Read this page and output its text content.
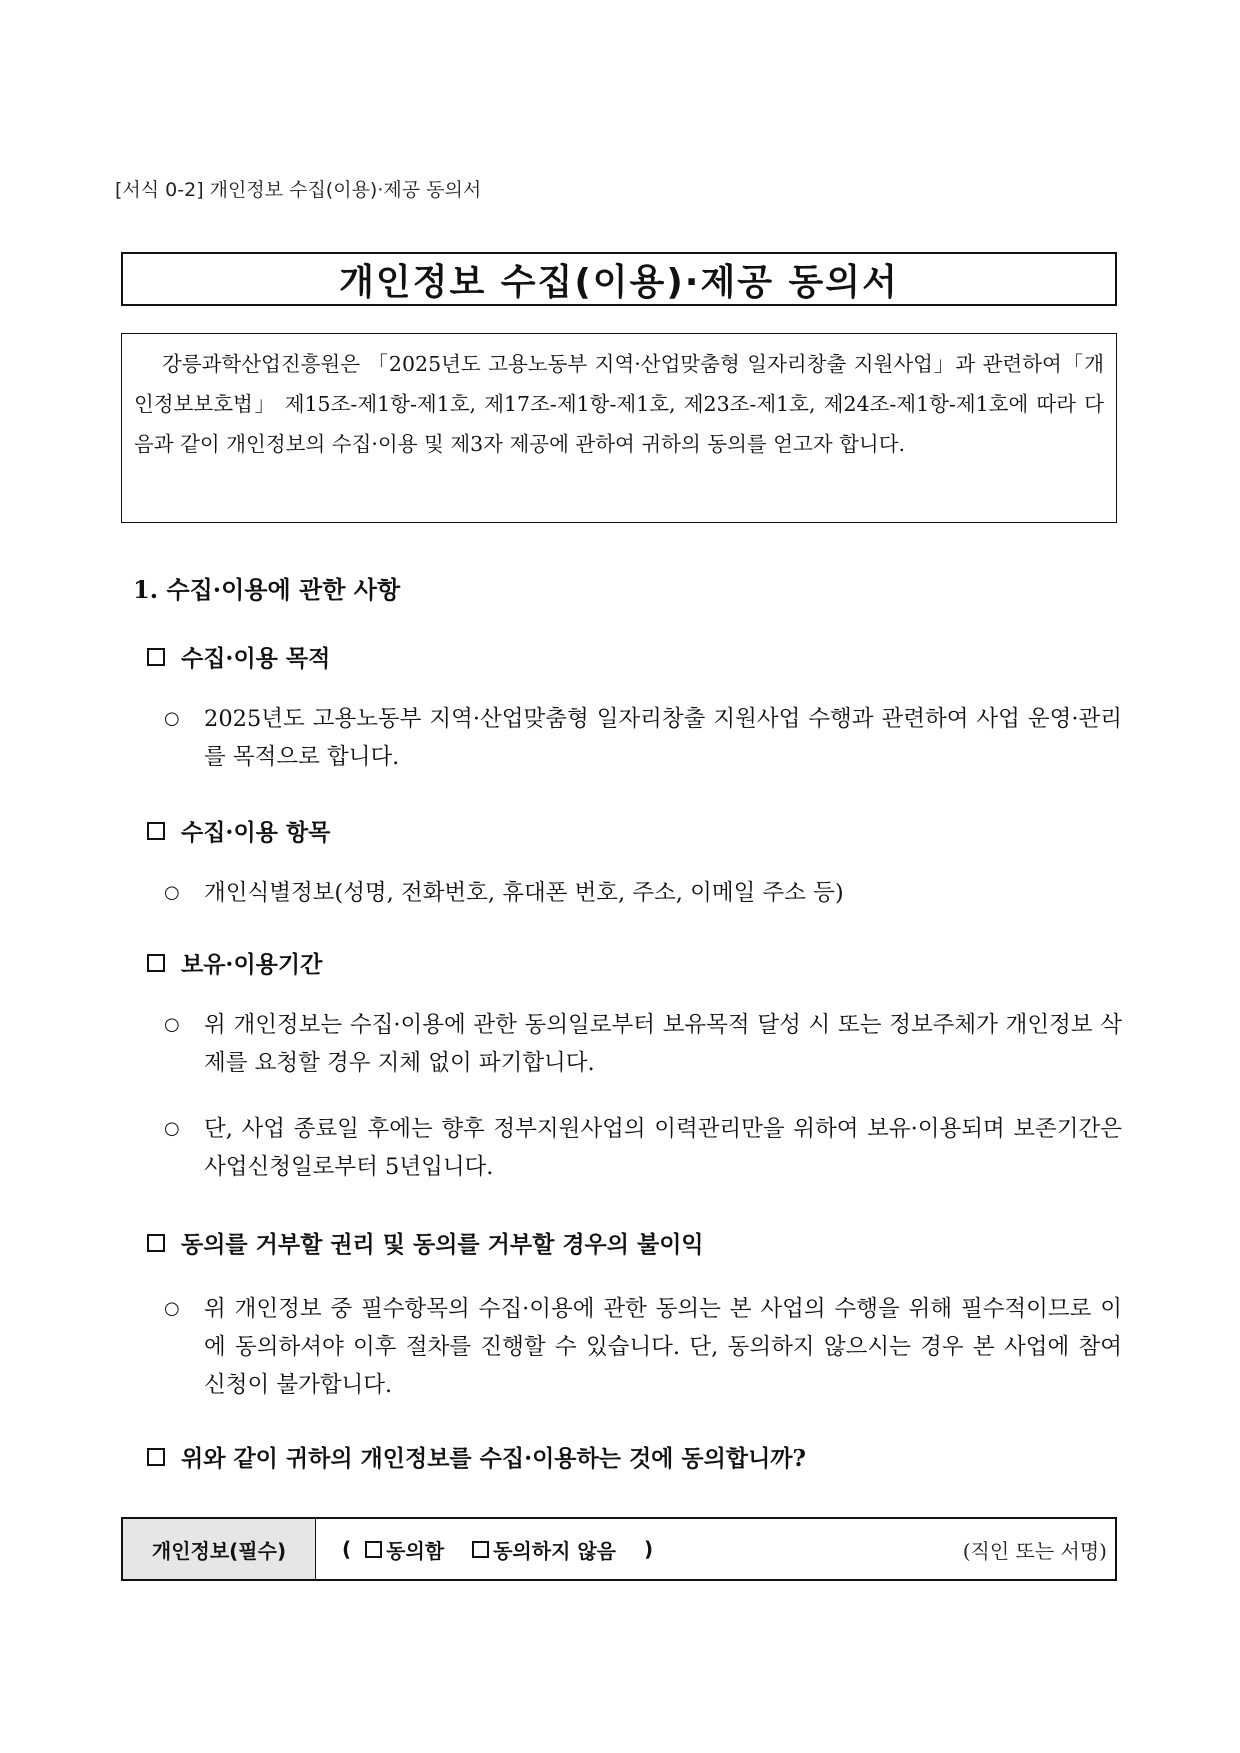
[서식 0-2] 개인정보 수집(이용)·제공 동의서
개인정보 수집(이용)·제공 동의서
강릉과학산업진흥원은 「2025년도 고용노동부 지역·산업맞춤형 일자리창출 지원사업」과 관련하여「개인정보보호법」 제15조-제1항-제1호, 제17조-제1항-제1호, 제23조-제1호, 제24조-제1항-제1호에 따라 다음과 같이 개인정보의 수집·이용 및 제3자 제공에 관하여 귀하의 동의를 얻고자 합니다.
1. 수집·이용에 관한 사항
수집·이용 목적
○	2025년도 고용노동부 지역·산업맞춤형 일자리창출 지원사업 수행과 관련하여 사업 운영·관리를 목적으로 합니다.
수집·이용 항목
○	개인식별정보(성명, 전화번호, 휴대폰 번호, 주소, 이메일 주소 등)
보유·이용기간
○	위 개인정보는 수집·이용에 관한 동의일로부터 보유목적 달성 시 또는 정보주체가 개인정보 삭제를 요청할 경우 지체 없이 파기합니다.
○	단, 사업 종료일 후에는 향후 정부지원사업의 이력관리만을 위하여 보유·이용되며 보존기간은 사업신청일로부터 5년입니다.
동의를 거부할 권리 및 동의를 거부할 경우의 불이익
○	위 개인정보 중 필수항목의 수집·이용에 관한 동의는 본 사업의 수행을 위해 필수적이므로 이에 동의하셔야 이후 절차를 진행할 수 있습니다. 단, 동의하지 않으시는 경우 본 사업에 참여 신청이 불가합니다.
위와 같이 귀하의 개인정보를 수집·이용하는 것에 동의합니까?
개인정보(필수)	( 동의함 동의하지 않음 )	(직인 또는 서명)
